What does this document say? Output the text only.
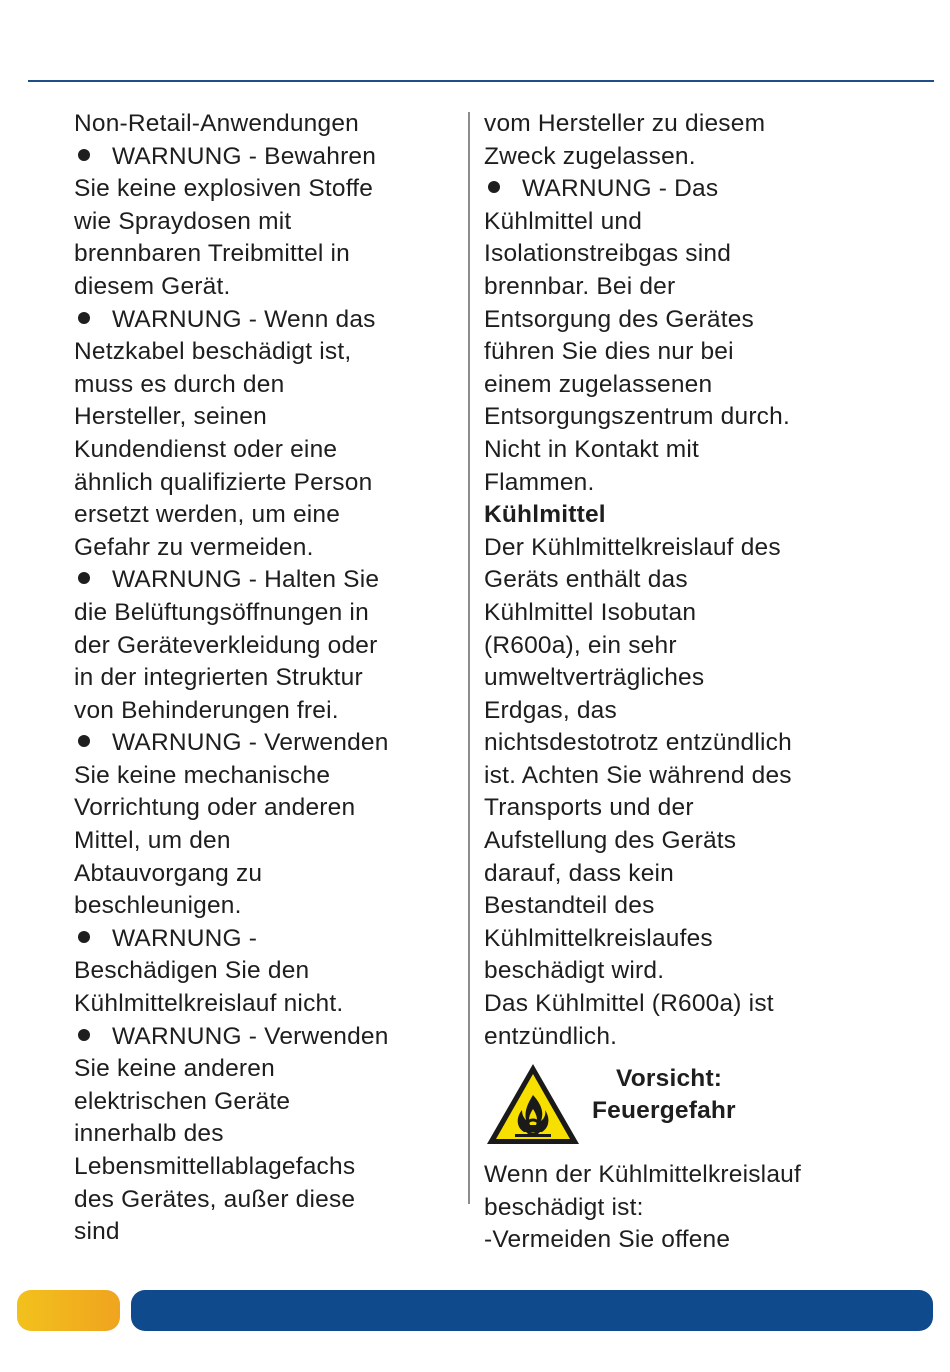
Non-Retail-Anwendungen
WARNUNG - Bewahren
Sie keine explosiven Stoffe
wie Spraydosen mit
brennbaren Treibmittel in
diesem Gerät.
WARNUNG - Wenn das
Netzkabel beschädigt ist,
muss es durch den
Hersteller, seinen
Kundendienst oder eine
ähnlich qualifizierte Person
ersetzt werden, um eine
Gefahr zu vermeiden.
WARNUNG - Halten Sie
die Belüftungsöffnungen in
der Geräteverkleidung oder
in der integrierten Struktur
von Behinderungen frei.
WARNUNG - Verwenden
Sie keine mechanische
Vorrichtung oder anderen
Mittel, um den
Abtauvorgang zu
beschleunigen.
WARNUNG -
Beschädigen Sie den
Kühlmittelkreislauf nicht.
WARNUNG - Verwenden
Sie keine anderen
elektrischen Geräte
innerhalb des
Lebensmittellablagefachs
des Gerätes, außer diese
sind
vom Hersteller zu diesem
Zweck zugelassen.
WARNUNG - Das
Kühlmittel und
Isolationstreibgas sind
brennbar. Bei der
Entsorgung des Gerätes
führen Sie dies nur bei
einem zugelassenen
Entsorgungszentrum durch.
Nicht in Kontakt mit
Flammen.
Kühlmittel
Der Kühlmittelkreislauf des
Geräts enthält das
Kühlmittel Isobutan
(R600a), ein sehr
umweltverträgliches
Erdgas, das
nichtsdestotrotz entzündlich
ist. Achten Sie während des
Transports und der
Aufstellung des Geräts
darauf, dass kein
Bestandteil des
Kühlmittelkreislaufes
beschädigt wird.
Das Kühlmittel (R600a) ist
entzündlich.
Vorsicht:
Feuergefahr
Wenn der Kühlmittelkreislauf
beschädigt ist:
-Vermeiden Sie offene
